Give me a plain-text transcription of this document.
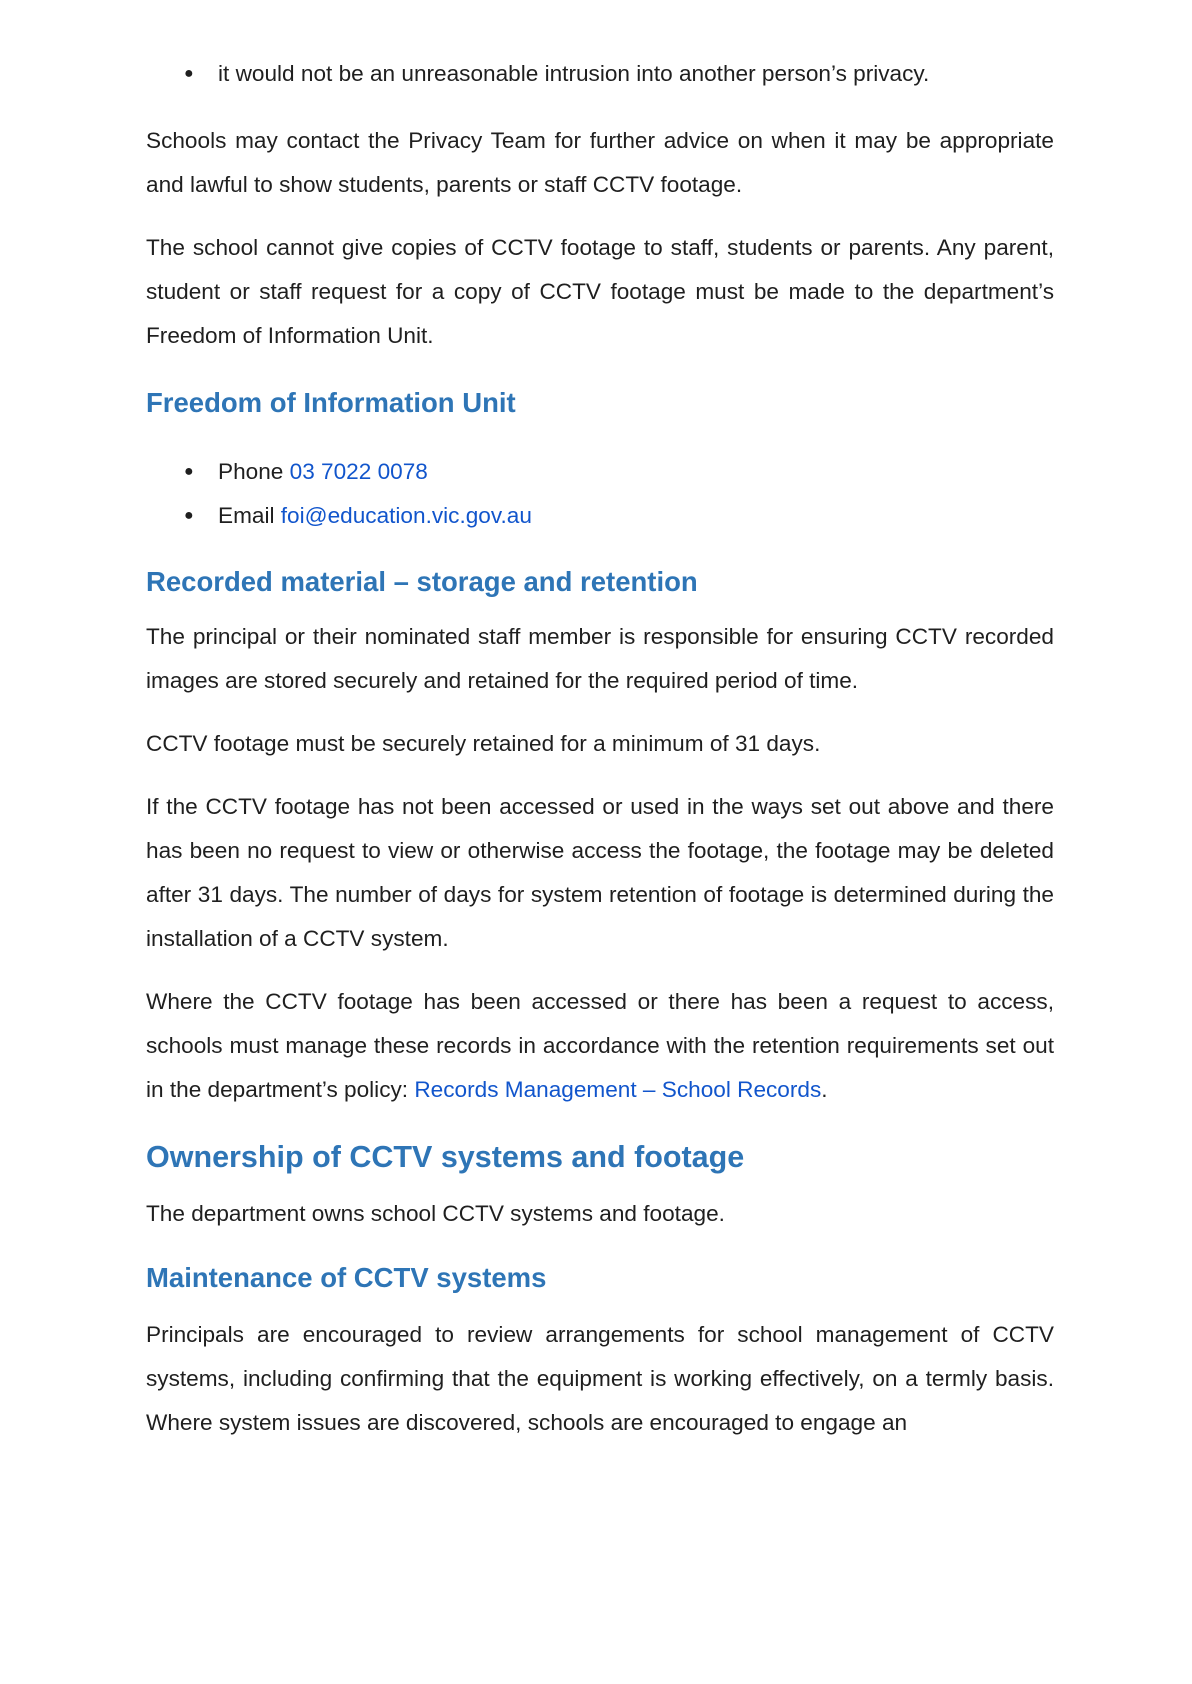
● it would not be an unreasonable intrusion into another person’s privacy.

Schools may contact the Privacy Team for further advice on when it may be appropriate and lawful to show students, parents or staff CCTV footage.

The school cannot give copies of CCTV footage to staff, students or parents. Any parent, student or staff request for a copy of CCTV footage must be made to the department’s Freedom of Information Unit.

Freedom of Information Unit
● Phone 03 7022 0078
● Email foi@education.vic.gov.au
Recorded material – storage and retention

The principal or their nominated staff member is responsible for ensuring CCTV recorded images are stored securely and retained for the required period of time.

CCTV footage must be securely retained for a minimum of 31 days.

If the CCTV footage has not been accessed or used in the ways set out above and there has been no request to view or otherwise access the footage, the footage may be deleted after 31 days. The number of days for system retention of footage is determined during the installation of a CCTV system.

Where the CCTV footage has been accessed or there has been a request to access, schools must manage these records in accordance with the retention requirements set out in the department’s policy: Records Management – School Records.

Ownership of CCTV systems and footage

The department owns school CCTV systems and footage.

Maintenance of CCTV systems

Principals are encouraged to review arrangements for school management of CCTV systems, including confirming that the equipment is working effectively, on a termly basis. Where system issues are discovered, schools are encouraged to engage an
